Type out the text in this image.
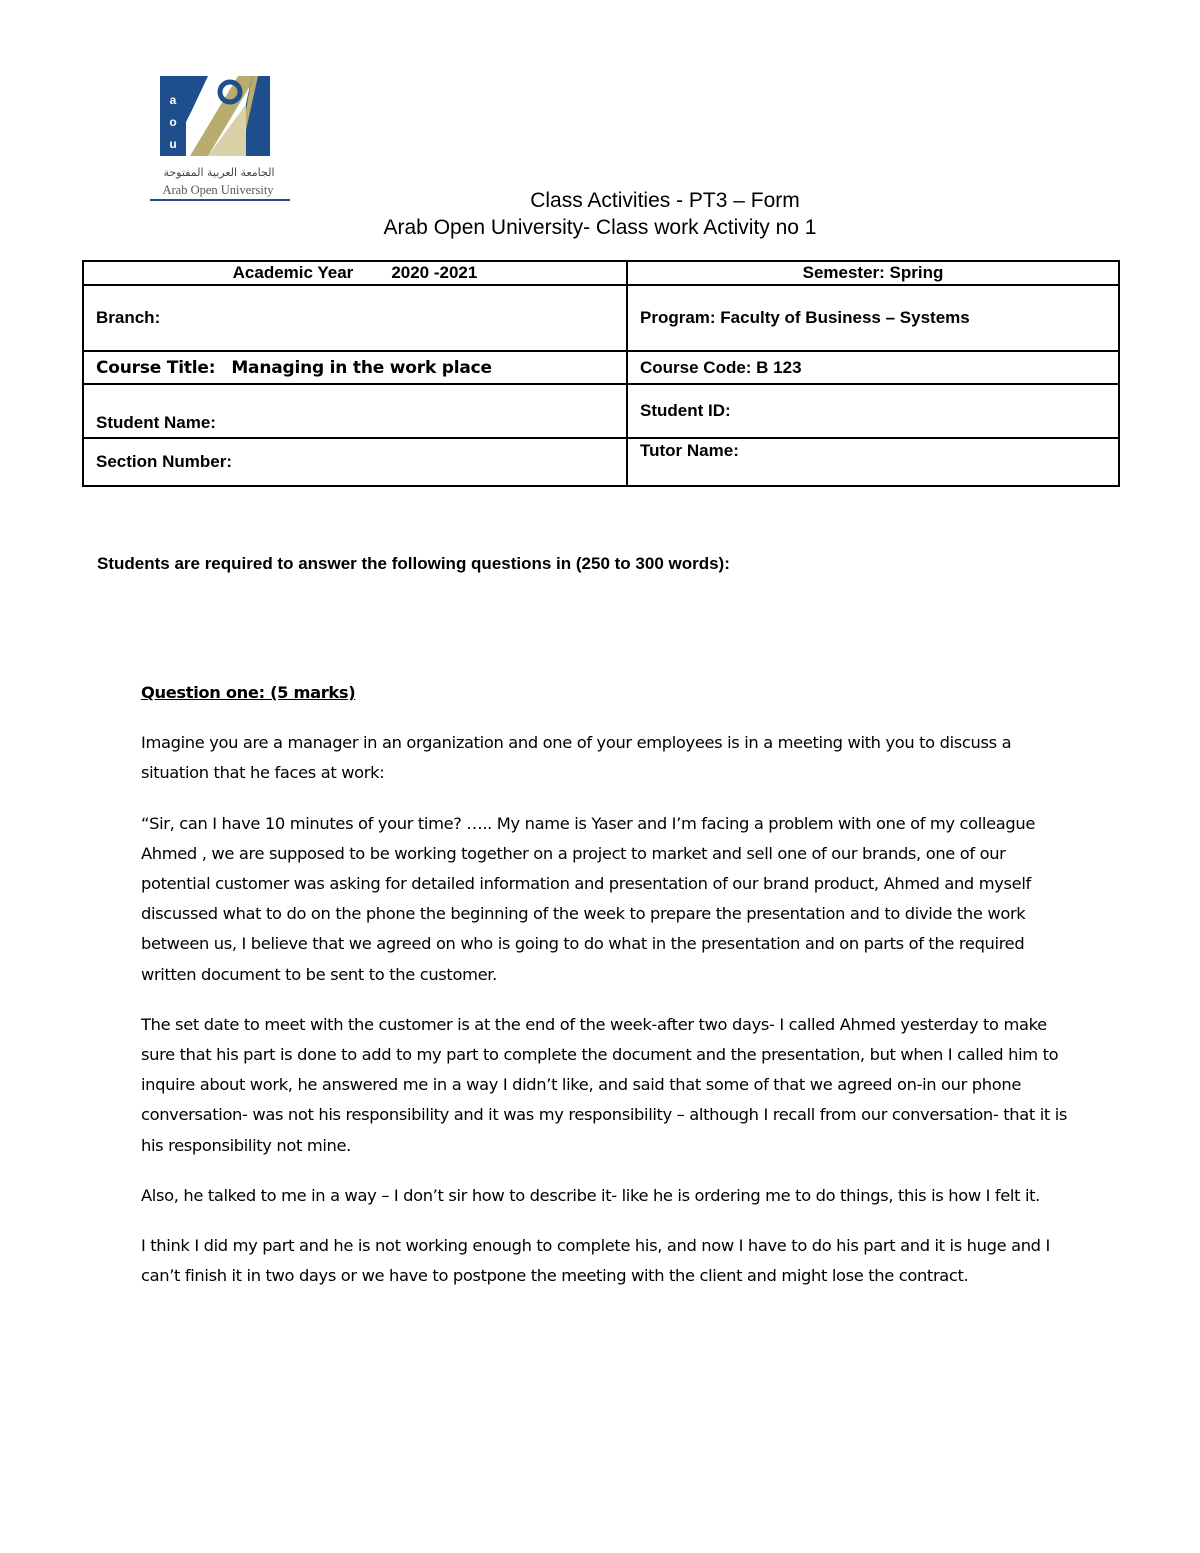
a
o
u
الجامعة العربية المفتوحة
Arab Open University	Class Activities - PT3 – Form
Arab Open University- Class work Activity no 1
Academic Year 2020 -2021	Semester: Spring
Branch:	Program: Faculty of Business – Systems
Course Title: Managing in the work place	Course Code: B 123
Student Name:	Student ID:
Section Number:	Tutor Name:
Students are required to answer the following questions in (250 to 300 words):

Question one: (5 marks)

Imagine you are a manager in an organization and one of your employees is in a meeting with you to discuss a situation that he faces at work:

“Sir, can I have 10 minutes of your time? ….. My name is Yaser and I’m facing a problem with one of my colleague Ahmed , we are supposed to be working together on a project to market and sell one of our brands, one of our potential customer was asking for detailed information and presentation of our brand product, Ahmed and myself discussed what to do on the phone the beginning of the week to prepare the presentation and to divide the work between us, I believe that we agreed on who is going to do what in the presentation and on parts of the required written document to be sent to the customer.

The set date to meet with the customer is at the end of the week-after two days- I called Ahmed yesterday to make sure that his part is done to add to my part to complete the document and the presentation, but when I called him to inquire about work, he answered me in a way I didn’t like, and said that some of that we agreed on-in our phone conversation- was not his responsibility and it was my responsibility – although I recall from our conversation- that it is his responsibility not mine.

Also, he talked to me in a way – I don’t sir how to describe it- like he is ordering me to do things, this is how I felt it.

I think I did my part and he is not working enough to complete his, and now I have to do his part and it is huge and I can’t finish it in two days or we have to postpone the meeting with the client and might lose the contract.
